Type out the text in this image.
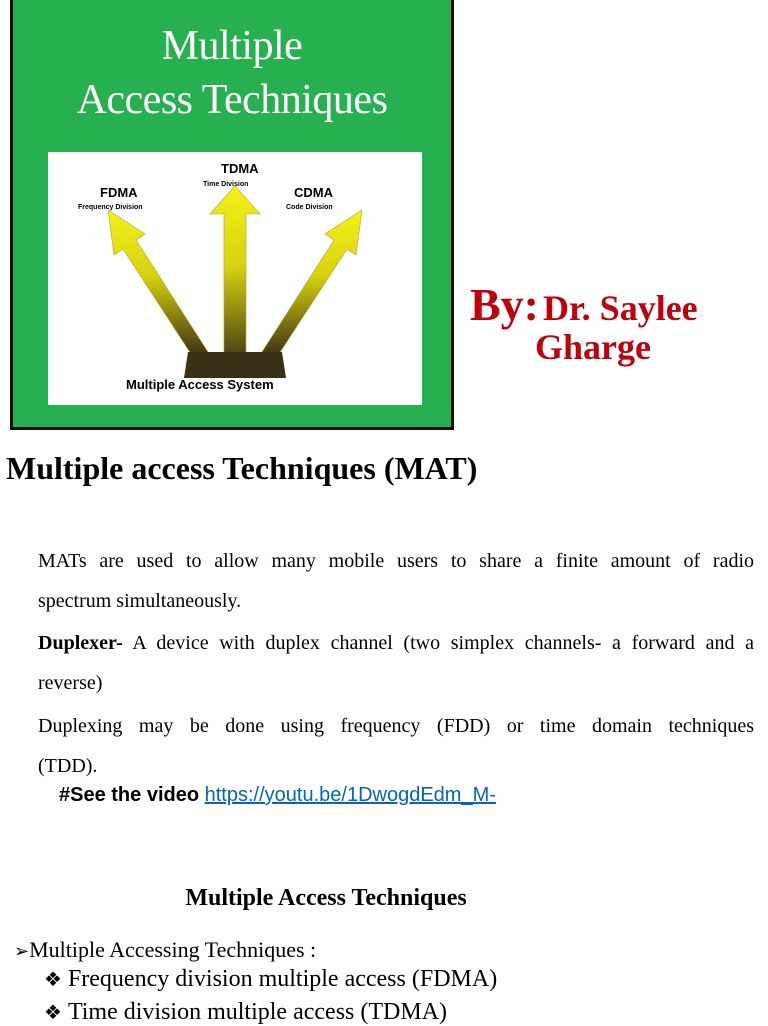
Multiple
Access Techniques
TDMA
Time Division
FDMA
Frequency Division
CDMA
Code Division
Multiple Access System
By: Dr. Saylee
Gharge
Multiple access Techniques (MAT)
MATs are used to allow many mobile users to share a finite amount of radio
spectrum simultaneously.
Duplexer- A device with duplex channel (two simplex channels- a forward and a
reverse)
Duplexing may be done using frequency (FDD) or time domain techniques
(TDD).
#See the video https://youtu.be/1DwogdEdm_M-
Multiple Access Techniques
➢Multiple Accessing Techniques :
❖ Frequency division multiple access (FDMA)
❖ Time division multiple access (TDMA)
